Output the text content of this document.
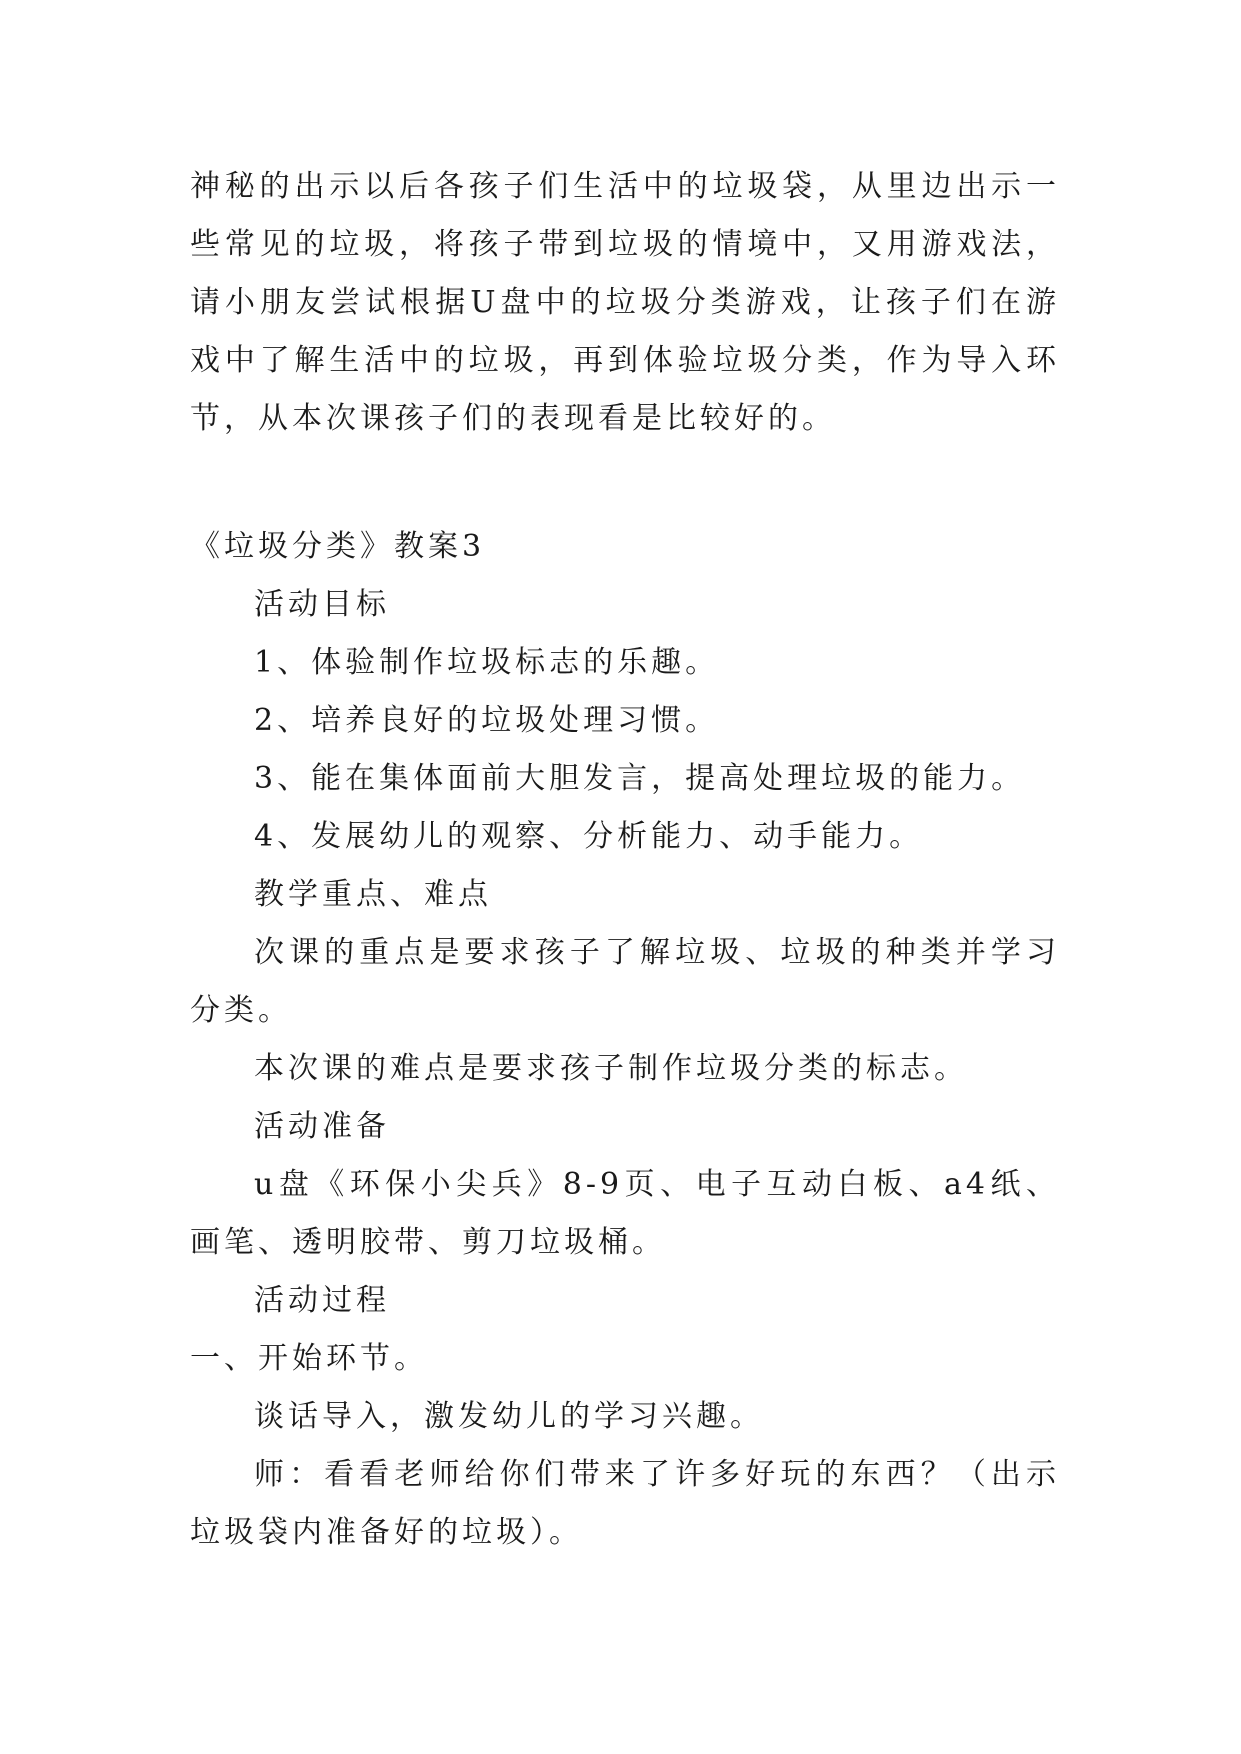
神秘的出示以后各孩子们生活中的垃圾袋，从里边出示一些常见的垃圾，将孩子带到垃圾的情境中，又用游戏法，请小朋友尝试根据U盘中的垃圾分类游戏，让孩子们在游戏中了解生活中的垃圾，再到体验垃圾分类，作为导入环节，从本次课孩子们的表现看是比较好的。

《垃圾分类》教案3

活动目标

1、体验制作垃圾标志的乐趣。

2、培养良好的垃圾处理习惯。

3、能在集体面前大胆发言，提高处理垃圾的能力。

4、发展幼儿的观察、分析能力、动手能力。

教学重点、难点

次课的重点是要求孩子了解垃圾、垃圾的种类并学习分类。

本次课的难点是要求孩子制作垃圾分类的标志。

活动准备

u盘《环保小尖兵》8-9页、电子互动白板、a4纸、画笔、透明胶带、剪刀垃圾桶。

活动过程

一、开始环节。

谈话导入，激发幼儿的学习兴趣。

师：看看老师给你们带来了许多好玩的东西？（出示垃圾袋内准备好的垃圾）。
